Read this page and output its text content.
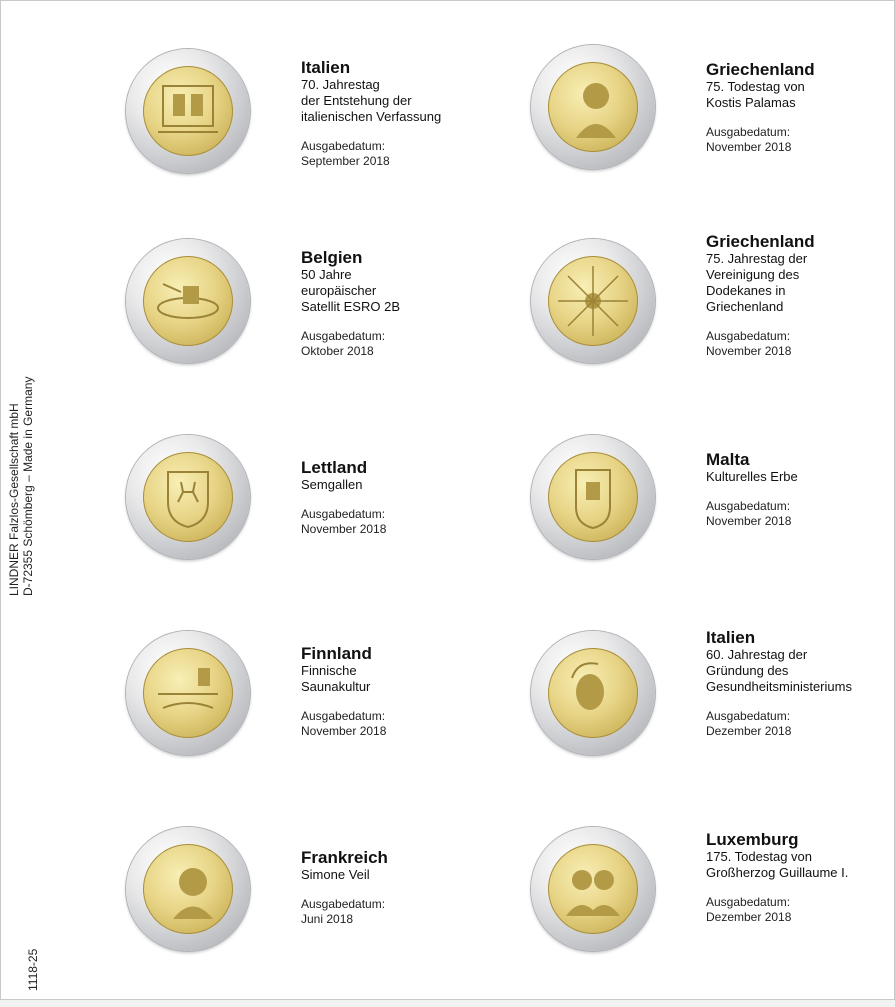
LINDNER Falzlos-Gesellschaft mbH D-72355 Schömberg – Made in Germany
1118-25
Italien
70. Jahrestag
der Entstehung der
italienischen Verfassung
Ausgabedatum:
September 2018
Belgien
50 Jahre
europäischer
Satellit ESRO 2B
Ausgabedatum:
Oktober 2018
Lettland
Semgallen
Ausgabedatum:
November 2018
Finnland
Finnische
Saunakultur
Ausgabedatum:
November 2018
Frankreich
Simone Veil
Ausgabedatum:
Juni 2018
Griechenland
75. Todestag von
Kostis Palamas
Ausgabedatum:
November 2018
Griechenland
75. Jahrestag der
Vereinigung des
Dodekanes in
Griechenland
Ausgabedatum:
November 2018
Malta
Kulturelles Erbe
Ausgabedatum:
November 2018
Italien
60. Jahrestag der
Gründung des
Gesundheitsministeriums
Ausgabedatum:
Dezember 2018
Luxemburg
175. Todestag von
Großherzog Guillaume I.
Ausgabedatum:
Dezember 2018
